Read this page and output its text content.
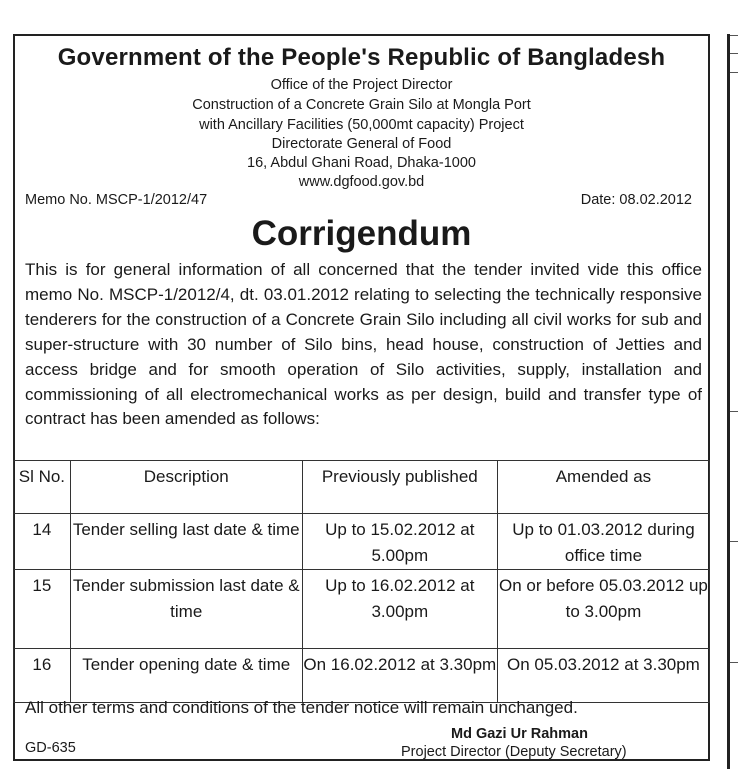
Government of the People's Republic of Bangladesh
Office of the Project Director
Construction of a Concrete Grain Silo at Mongla Port
with Ancillary Facilities (50,000mt capacity) Project
Directorate General of Food
16, Abdul Ghani Road, Dhaka-1000
www.dgfood.gov.bd
Memo No. MSCP-1/2012/47	Date: 08.02.2012
Corrigendum

This is for general information of all concerned that the tender invited vide this office memo No. MSCP-1/2012/4, dt. 03.01.2012 relating to selecting the technically responsive tenderers for the construction of a Concrete Grain Silo including all civil works for sub and super-structure with 30 number of Silo bins, head house, construction of Jetties and access bridge and for smooth operation of Silo activities, supply, installation and commissioning of all electromechanical works as per design, build and transfer type of contract has been amended as follows:

Sl No.	Description	Previously published	Amended as
14	Tender selling last date & time	Up to 15.02.2012 at 5.00pm	Up to 01.03.2012 during office time
15	Tender submission last date & time	Up to 16.02.2012 at 3.00pm	On or before 05.03.2012 up to 3.00pm
16	Tender opening date & time	On 16.02.2012 at 3.30pm	On 05.03.2012 at 3.30pm
All other terms and conditions of the tender notice will remain unchanged.
Md Gazi Ur Rahman
GD-635	Project Director (Deputy Secretary)
